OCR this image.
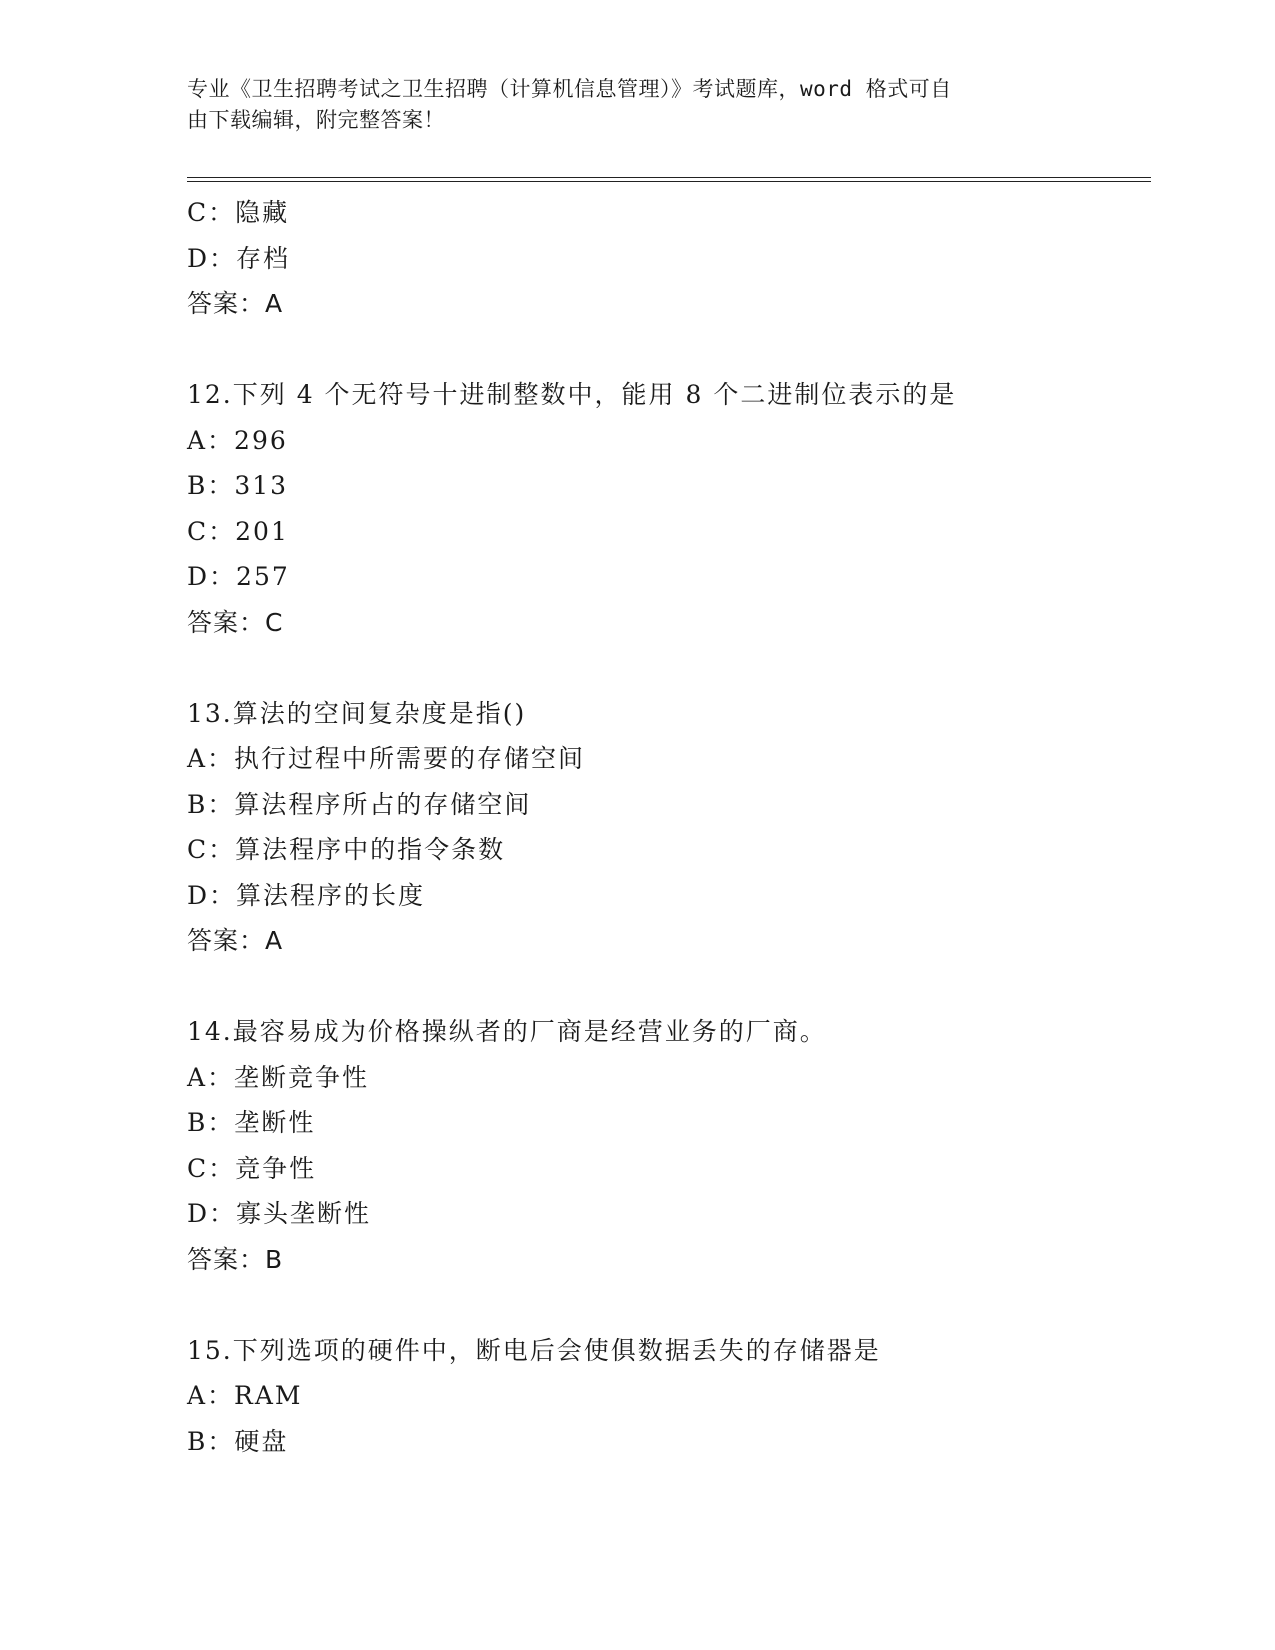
专业《卫生招聘考试之卫生招聘（计算机信息管理）》考试题库，word 格式可自
由下载编辑，附完整答案！
C：隐藏
D：存档
答案：A
12.下列 4 个无符号十进制整数中，能用 8 个二进制位表示的是
A：296
B：313
C：201
D：257
答案：C
13.算法的空间复杂度是指()
A：执行过程中所需要的存储空间
B：算法程序所占的存储空间
C：算法程序中的指令条数
D：算法程序的长度
答案：A
14.最容易成为价格操纵者的厂商是经营业务的厂商。
A：垄断竞争性
B：垄断性
C：竞争性
D：寡头垄断性
答案：B
15.下列选项的硬件中，断电后会使俱数据丢失的存储器是
A：RAM
B：硬盘
